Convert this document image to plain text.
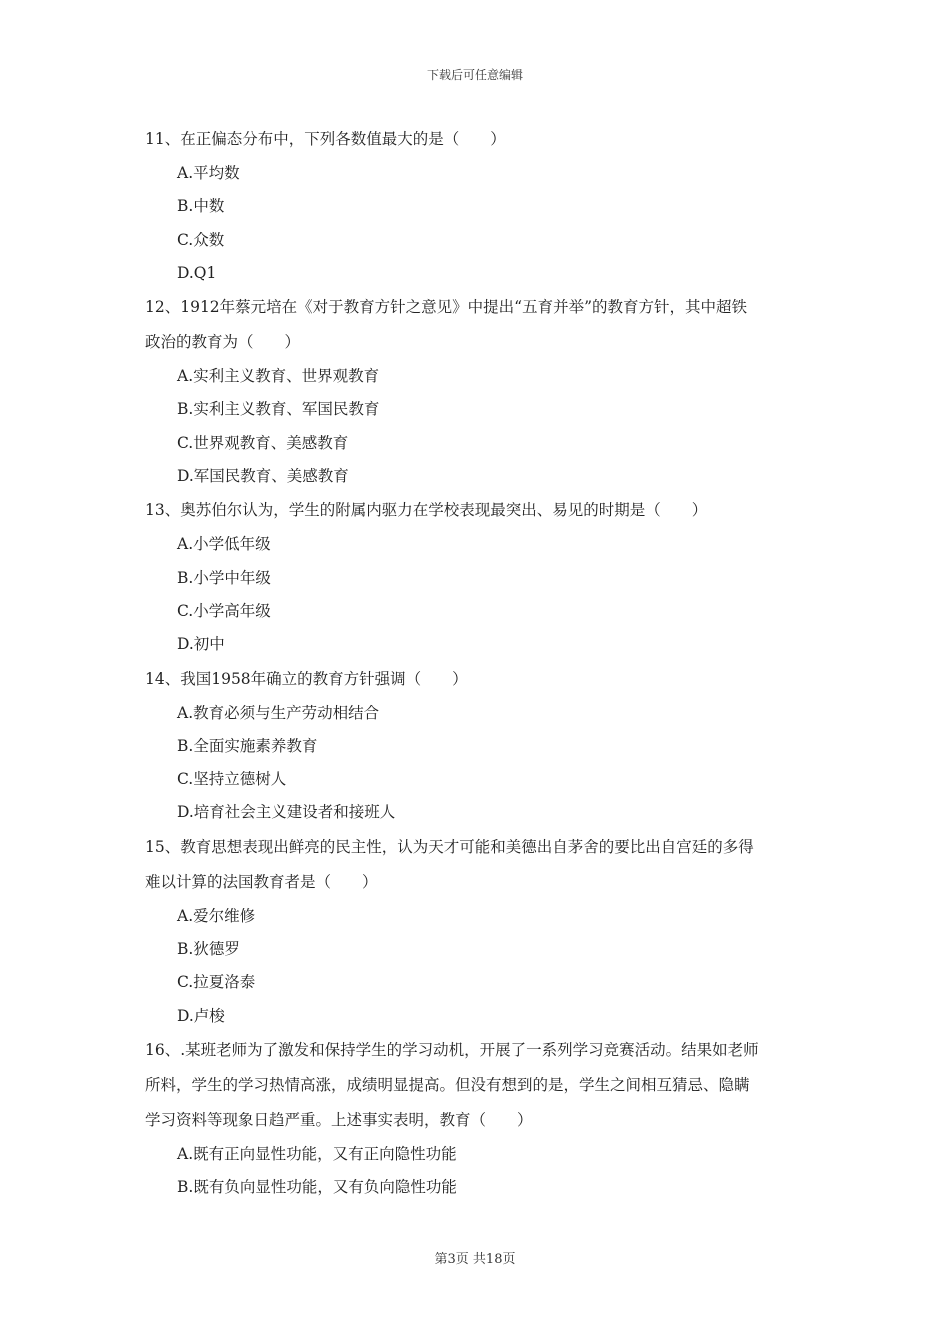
下载后可任意编辑
11、在正偏态分布中，下列各数值最大的是（　　）
A.平均数
B.中数
C.众数
D.Q1
12、1912年蔡元培在《对于教育方针之意见》中提出“五育并举”的教育方针，其中超铁
政治的教育为（　　）
A.实利主义教育、世界观教育
B.实利主义教育、军国民教育
C.世界观教育、美感教育
D.军国民教育、美感教育
13、奥苏伯尔认为，学生的附属内驱力在学校表现最突出、易见的时期是（　　）
A.小学低年级
B.小学中年级
C.小学高年级
D.初中
14、我国1958年确立的教育方针强调（　　）
A.教育必须与生产劳动相结合
B.全面实施素养教育
C.坚持立德树人
D.培育社会主义建设者和接班人
15、教育思想表现出鲜亮的民主性，认为天才可能和美德出自茅舍的要比出自宫廷的多得
难以计算的法国教育者是（　　）
A.爱尔维修
B.狄德罗
C.拉夏洛泰
D.卢梭
16、.某班老师为了激发和保持学生的学习动机，开展了一系列学习竞赛活动。结果如老师
所料，学生的学习热情高涨，成绩明显提高。但没有想到的是，学生之间相互猜忌、隐瞒
学习资料等现象日趋严重。上述事实表明，教育（　　）
A.既有正向显性功能，又有正向隐性功能
B.既有负向显性功能，又有负向隐性功能
第3页 共18页
